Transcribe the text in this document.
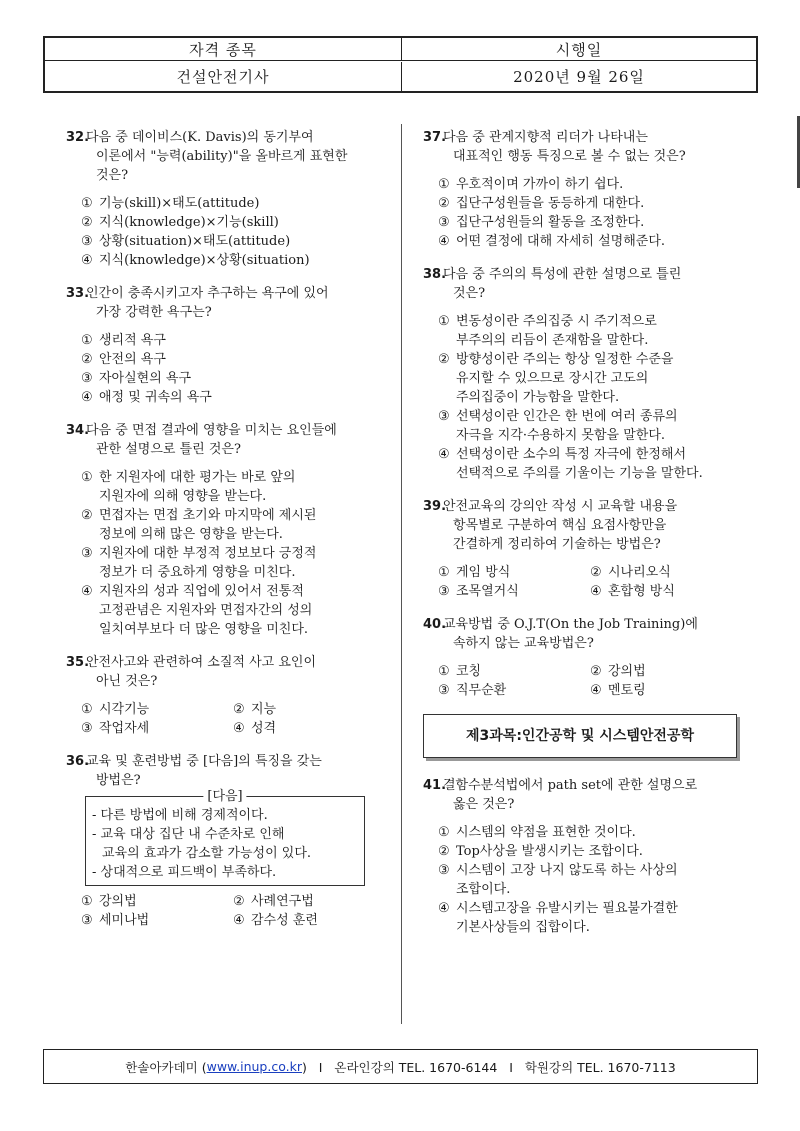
자격 종목	시행일
건설안전기사	2020년 9월 26일
32.
다음 중 데이비스(K. Davis)의 동기부여
이론에서 "능력(ability)"을 올바르게 표현한
것은?
① 기능(skill)×태도(attitude)
② 지식(knowledge)×기능(skill)
③ 상황(situation)×태도(attitude)
④ 지식(knowledge)×상황(situation)
33.
인간이 충족시키고자 추구하는 욕구에 있어
가장 강력한 욕구는?
① 생리적 욕구
② 안전의 욕구
③ 자아실현의 욕구
④ 애정 및 귀속의 욕구
34.
다음 중 면접 결과에 영향을 미치는 요인들에
관한 설명으로 틀린 것은?
① 한 지원자에 대한 평가는 바로 앞의
지원자에 의해 영향을 받는다.
② 면접자는 면접 초기와 마지막에 제시된
정보에 의해 많은 영향을 받는다.
③ 지원자에 대한 부정적 정보보다 긍정적
정보가 더 중요하게 영향을 미친다.
④ 지원자의 성과 직업에 있어서 전통적
고정관념은 지원자와 면접자간의 성의
일치여부보다 더 많은 영향을 미친다.
35.
안전사고와 관련하여 소질적 사고 요인이
아닌 것은?
① 시각기능	② 지능
③ 작업자세	④ 성격
36.
교육 및 훈련방법 중 [다음]의 특징을 갖는
방법은?
[다음]
- 다른 방법에 비해 경제적이다.
- 교육 대상 집단 내 수준차로 인해
교육의 효과가 감소할 가능성이 있다.
- 상대적으로 피드백이 부족하다.
① 강의법	② 사례연구법
③ 세미나법	④ 감수성 훈련
37.
다음 중 관계지향적 리더가 나타내는
대표적인 행동 특징으로 볼 수 없는 것은?
① 우호적이며 가까이 하기 쉽다.
② 집단구성원들을 동등하게 대한다.
③ 집단구성원들의 활동을 조정한다.
④ 어떤 결정에 대해 자세히 설명해준다.
38.
다음 중 주의의 특성에 관한 설명으로 틀린
것은?
① 변동성이란 주의집중 시 주기적으로
부주의의 리듬이 존재함을 말한다.
② 방향성이란 주의는 항상 일정한 수준을
유지할 수 있으므로 장시간 고도의
주의집중이 가능함을 말한다.
③ 선택성이란 인간은 한 번에 여러 종류의
자극을 지각·수용하지 못함을 말한다.
④ 선택성이란 소수의 특정 자극에 한정해서
선택적으로 주의를 기울이는 기능을 말한다.
39.
안전교육의 강의안 작성 시 교육할 내용을
항목별로 구분하여 핵심 요점사항만을
간결하게 정리하여 기술하는 방법은?
① 게임 방식	② 시나리오식
③ 조목열거식	④ 혼합형 방식
40.
교육방법 중 O.J.T(On the Job Training)에
속하지 않는 교육방법은?
① 코칭	② 강의법
③ 직무순환	④ 멘토링
제3과목:인간공학 및 시스템안전공학
41.
결함수분석법에서 path set에 관한 설명으로
옳은 것은?
① 시스템의 약점을 표현한 것이다.
② Top사상을 발생시키는 조합이다.
③ 시스템이 고장 나지 않도록 하는 사상의
조합이다.
④ 시스템고장을 유발시키는 필요불가결한
기본사상들의 집합이다.
한솔아카데미 ( www.inup.co.kr )   I   온라인강의 TEL. 1670-6144   I   학원강의 TEL. 1670-7113
